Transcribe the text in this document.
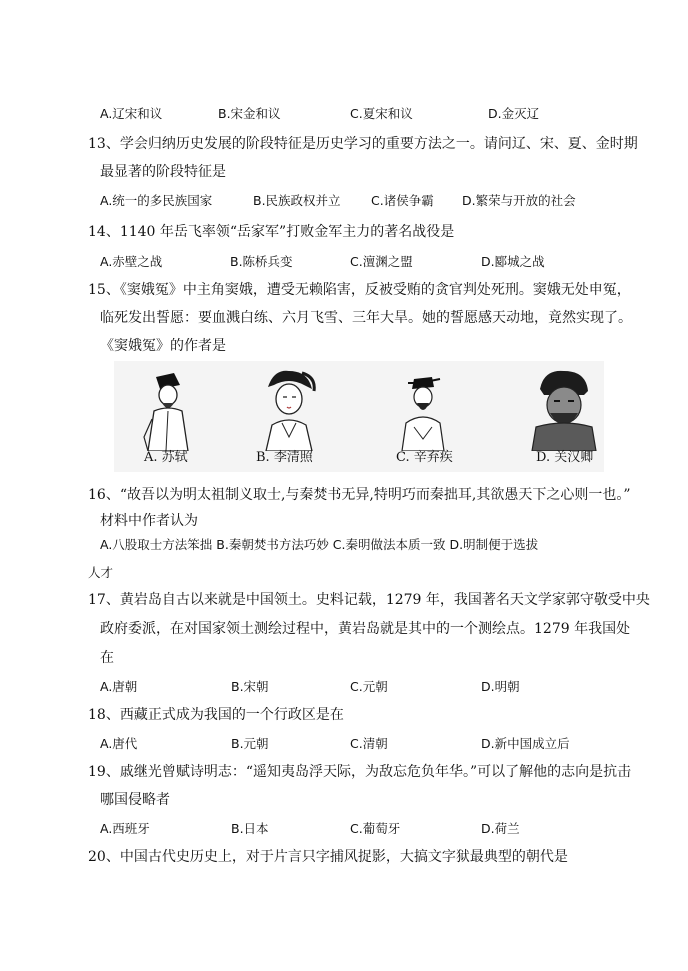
A.辽宋和议	B.宋金和议	C.夏宋和议	D.金灭辽
13、学会归纳历史发展的阶段特征是历史学习的重要方法之一。请问辽、宋、夏、金时期
最显著的阶段特征是
A.统一的多民族国家	B.民族政权并立 C.诸侯争霸 D.繁荣与开放的社会
14、1140 年岳飞率领“岳家军”打败金军主力的著名战役是
A.赤壁之战	B.陈桥兵变	C.澶渊之盟	D.郾城之战
15、《窦娥冤》中主角窦娥，遭受无赖陷害，反被受贿的贪官判处死刑。窦娥无处申冤，
临死发出誓愿：要血溅白练、六月飞雪、三年大旱。她的誓愿感天动地，竟然实现了。
《窦娥冤》的作者是
A. 苏轼	B. 李清照	C. 辛弃疾	D. 关汉卿
16、“故吾以为明太祖制义取士,与秦焚书无异,特明巧而秦拙耳,其欲愚天下之心则一也。”
材料中作者认为
A.八股取士方法笨拙 B.秦朝焚书方法巧妙 C.秦明做法本质一致 D.明制便于选拔
人才
17、黄岩岛自古以来就是中国领土。史料记载，1279 年，我国著名天文学家郭守敬受中央
政府委派，在对国家领土测绘过程中，黄岩岛就是其中的一个测绘点。1279 年我国处
在
A.唐朝	B.宋朝	C.元朝	D.明朝
18、西藏正式成为我国的一个行政区是在
A.唐代	B.元朝	C.清朝	D.新中国成立后
19、戚继光曾赋诗明志：“遥知夷岛浮天际，为敌忘危负年华。”可以了解他的志向是抗击
哪国侵略者
A.西班牙	B.日本	C.葡萄牙	D.荷兰
20、中国古代史历史上，对于片言只字捕风捉影，大搞文字狱最典型的朝代是
